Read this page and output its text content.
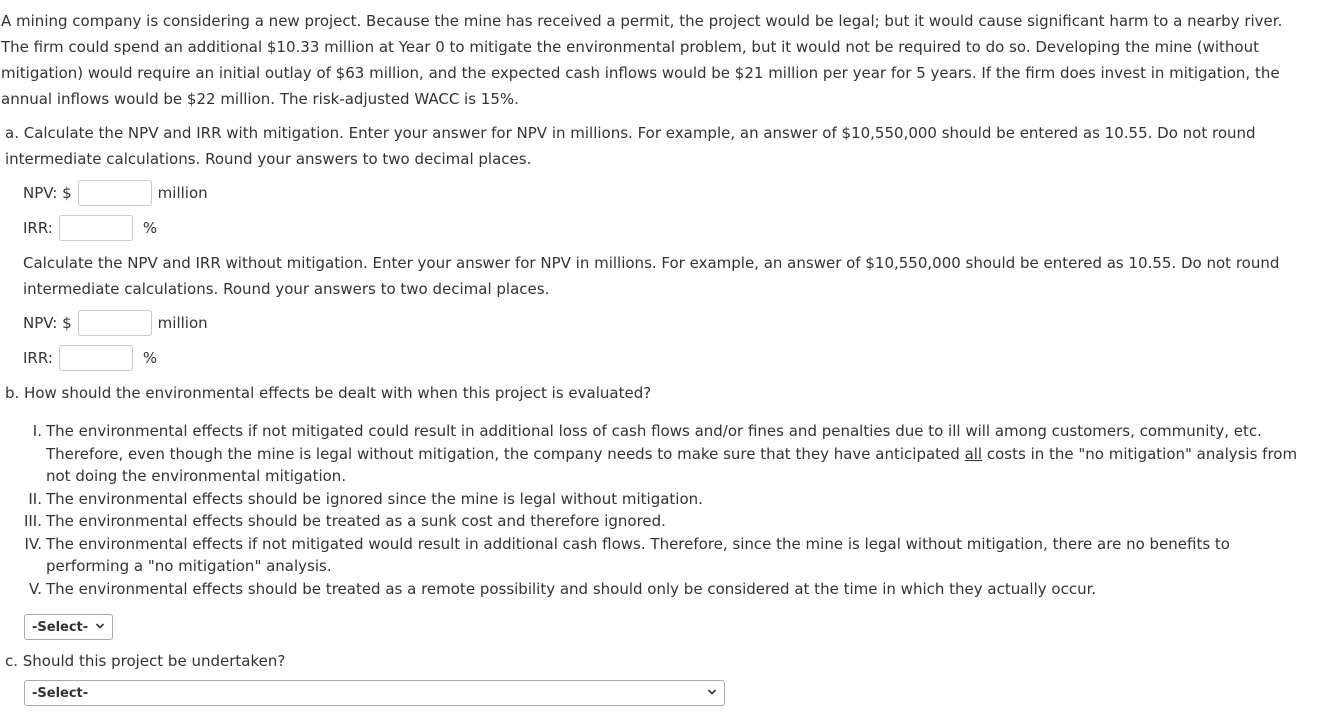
A mining company is considering a new project. Because the mine has received a permit, the project would be legal; but it would cause significant harm to a nearby river. The firm could spend an additional $10.33 million at Year 0 to mitigate the environmental problem, but it would not be required to do so. Developing the mine (without mitigation) would require an initial outlay of $63 million, and the expected cash inflows would be $21 million per year for 5 years. If the firm does invest in mitigation, the annual inflows would be $22 million. The risk-adjusted WACC is 15%.
a. Calculate the NPV and IRR with mitigation. Enter your answer for NPV in millions. For example, an answer of $10,550,000 should be entered as 10.55. Do not round intermediate calculations. Round your answers to two decimal places.
NPV: $	million
IRR:	%
Calculate the NPV and IRR without mitigation. Enter your answer for NPV in millions. For example, an answer of $10,550,000 should be entered as 10.55. Do not round intermediate calculations. Round your answers to two decimal places.
NPV: $	million
IRR:	%
b. How should the environmental effects be dealt with when this project is evaluated?
I. The environmental effects if not mitigated could result in additional loss of cash flows and/or fines and penalties due to ill will among customers, community, etc. Therefore, even though the mine is legal without mitigation, the company needs to make sure that they have anticipated all costs in the "no mitigation" analysis from not doing the environmental mitigation.
II. The environmental effects should be ignored since the mine is legal without mitigation.
III. The environmental effects should be treated as a sunk cost and therefore ignored.
IV. The environmental effects if not mitigated would result in additional cash flows. Therefore, since the mine is legal without mitigation, there are no benefits to performing a "no mitigation" analysis.
V. The environmental effects should be treated as a remote possibility and should only be considered at the time in which they actually occur.
-Select-
c. Should this project be undertaken?
-Select-
